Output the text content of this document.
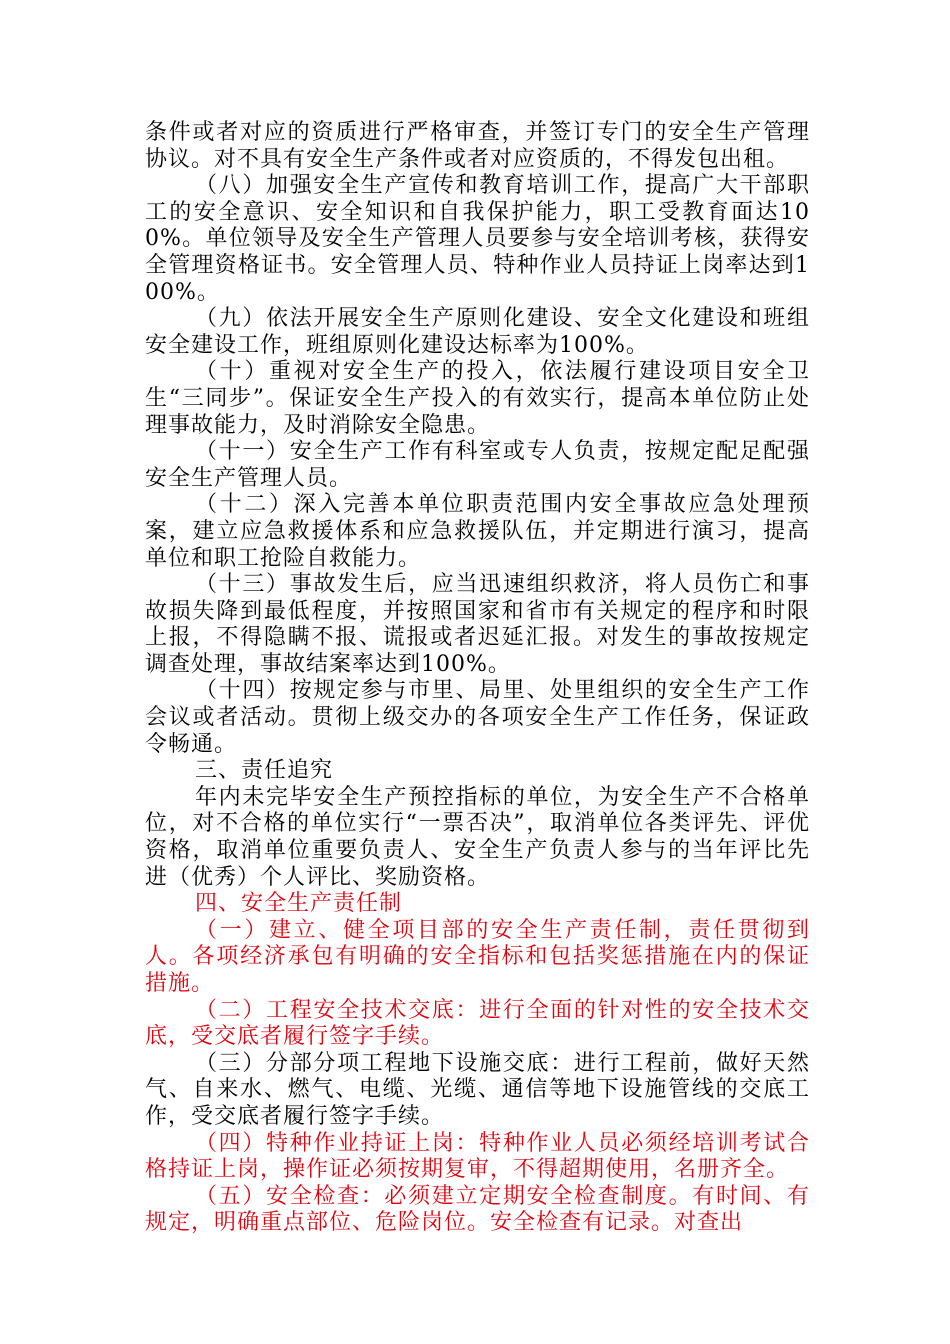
条件或者对应的资质进行严格审查，并签订专门的安全生产管理协议。对不具有安全生产条件或者对应资质的，不得发包出租。

（八）加强安全生产宣传和教育培训工作，提高广大干部职工的安全意识、安全知识和自我保护能力，职工受教育面达100%。单位领导及安全生产管理人员要参与安全培训考核，获得安全管理资格证书。安全管理人员、特种作业人员持证上岗率达到100%。

（九）依法开展安全生产原则化建设、安全文化建设和班组安全建设工作，班组原则化建设达标率为100%。

（十）重视对安全生产的投入，依法履行建设项目安全卫生“三同步”。保证安全生产投入的有效实行，提高本单位防止处理事故能力，及时消除安全隐患。

（十一）安全生产工作有科室或专人负责，按规定配足配强安全生产管理人员。

（十二）深入完善本单位职责范围内安全事故应急处理预案，建立应急救援体系和应急救援队伍，并定期进行演习，提高单位和职工抢险自救能力。

（十三）事故发生后，应当迅速组织救济，将人员伤亡和事故损失降到最低程度，并按照国家和省市有关规定的程序和时限上报，不得隐瞒不报、谎报或者迟延汇报。对发生的事故按规定调查处理，事故结案率达到100%。

（十四）按规定参与市里、局里、处里组织的安全生产工作会议或者活动。贯彻上级交办的各项安全生产工作任务，保证政令畅通。

三、责任追究

年内未完毕安全生产预控指标的单位，为安全生产不合格单位，对不合格的单位实行“一票否决”，取消单位各类评先、评优资格，取消单位重要负责人、安全生产负责人参与的当年评比先进（优秀）个人评比、奖励资格。

四、安全生产责任制

（一）建立、健全项目部的安全生产责任制，责任贯彻到人。各项经济承包有明确的安全指标和包括奖惩措施在内的保证措施。

（二）工程安全技术交底：进行全面的针对性的安全技术交底，受交底者履行签字手续。

（三）分部分项工程地下设施交底：进行工程前，做好天然气、自来水、燃气、电缆、光缆、通信等地下设施管线的交底工作，受交底者履行签字手续。

（四）特种作业持证上岗：特种作业人员必须经培训考试合格持证上岗，操作证必须按期复审，不得超期使用，名册齐全。

（五）安全检查：必须建立定期安全检查制度。有时间、有规定，明确重点部位、危险岗位。安全检查有记录。对查出
